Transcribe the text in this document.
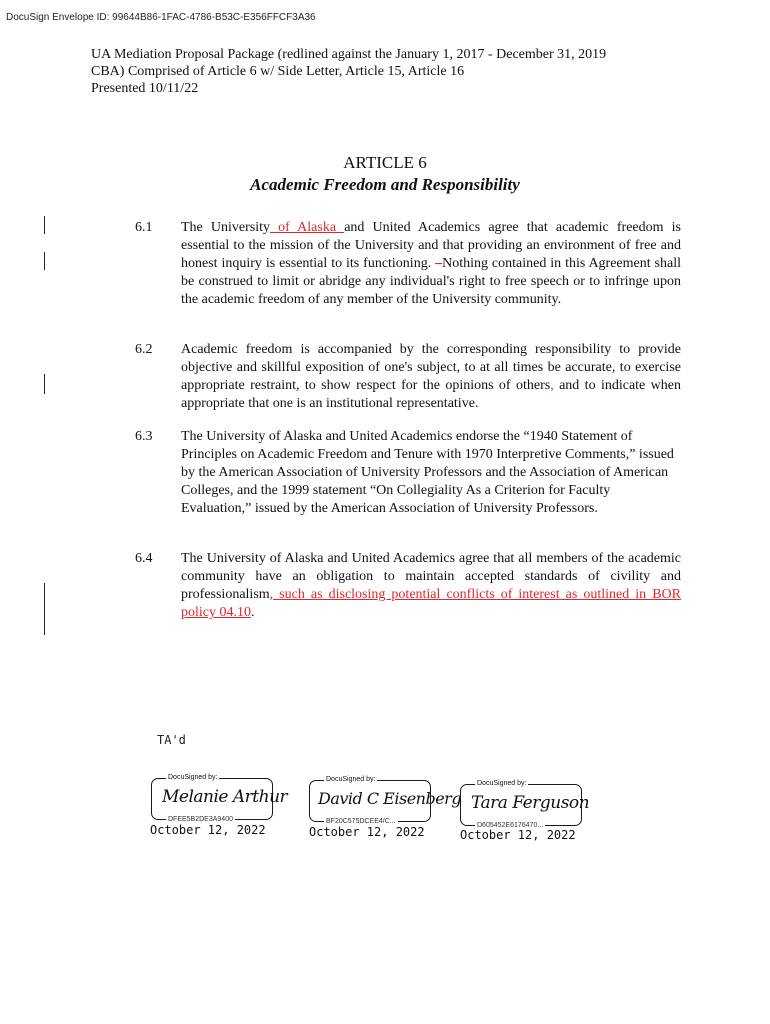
DocuSign Envelope ID: 99644B86-1FAC-4786-B53C-E356FFCF3A36
UA Mediation Proposal Package (redlined against the January 1, 2017 - December 31, 2019
CBA) Comprised of Article 6 w/ Side Letter, Article 15, Article 16
Presented 10/11/22
ARTICLE 6
Academic Freedom and Responsibility
6.1 The University of Alaska and United Academics agree that academic freedom is essential to the mission of the University and that providing an environment of free and honest inquiry is essential to its functioning. –Nothing contained in this Agreement shall be construed to limit or abridge any individual's right to free speech or to infringe upon the academic freedom of any member of the University community.
6.2 Academic freedom is accompanied by the corresponding responsibility to provide objective and skillful exposition of one's subject, to at all times be accurate, to exercise appropriate restraint, to show respect for the opinions of others, and to indicate when appropriate that one is an institutional representative.
6.3 The University of Alaska and United Academics endorse the “1940 Statement of Principles on Academic Freedom and Tenure with 1970 Interpretive Comments,” issued by the American Association of University Professors and the Association of American Colleges, and the 1999 statement “On Collegiality As a Criterion for Faculty Evaluation,” issued by the American Association of University Professors.
6.4 The University of Alaska and United Academics agree that all members of the academic community have an obligation to maintain accepted standards of civility and professionalism, such as disclosing potential conflicts of interest as outlined in BOR policy 04.10.
TA'd
DocuSigned by:
Melanie Arthur
DFEE5B2DE3A9400
October 12, 2022
DocuSigned by:
David C Eisenberg
BF20C575DCEE4/C...
October 12, 2022
DocuSigned by:
Tara Ferguson
D605452E6176470...
October 12, 2022
